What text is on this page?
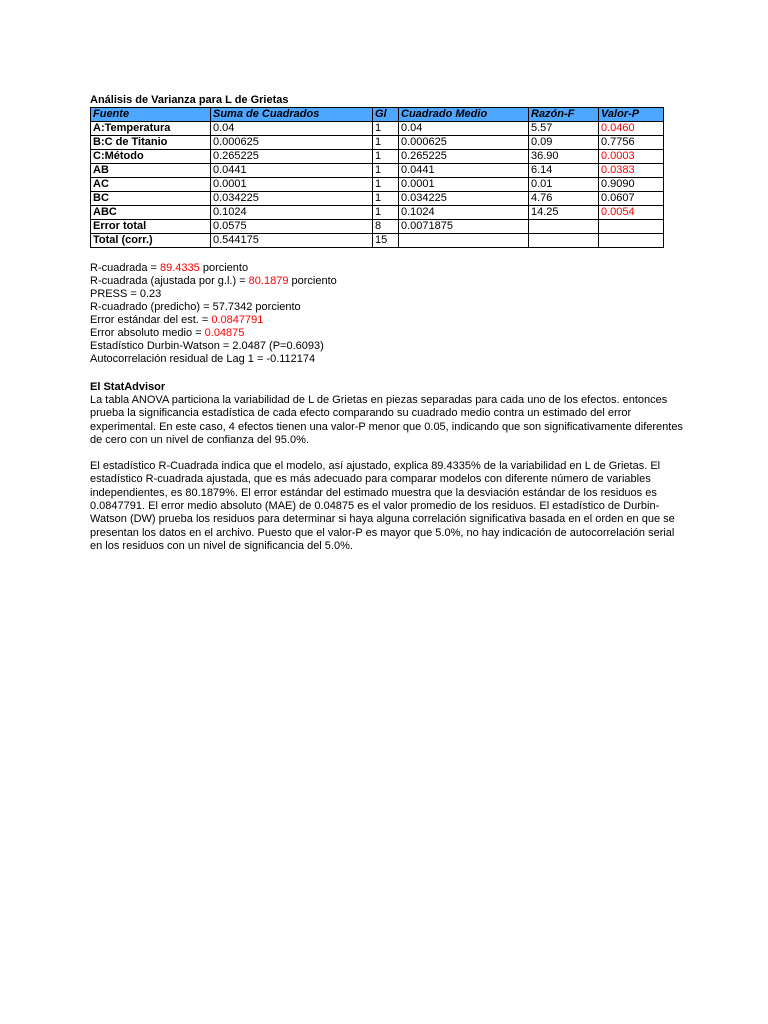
Análisis de Varianza para L de Grietas
Fuente	Suma de Cuadrados	Gl	Cuadrado Medio	Razón-F	Valor-P
A:Temperatura	0.04	1	0.04	5.57	0.0460
B:C de Titanio	0.000625	1	0.000625	0.09	0.7756
C:Método	0.265225	1	0.265225	36.90	0.0003
AB	0.0441	1	0.0441	6.14	0.0383
AC	0.0001	1	0.0001	0.01	0.9090
BC	0.034225	1	0.034225	4.76	0.0607
ABC	0.1024	1	0.1024	14.25	0.0054
Error total	0.0575	8	0.0071875		
Total (corr.)	0.544175	15			
R-cuadrada = 89.4335 porciento
R-cuadrada (ajustada por g.l.) = 80.1879 porciento
PRESS = 0.23
R-cuadrado (predicho) = 57.7342 porciento
Error estándar del est. = 0.0847791
Error absoluto medio = 0.04875
Estadístico Durbin-Watson = 2.0487 (P=0.6093)
Autocorrelación residual de Lag 1 = -0.112174
El StatAdvisor

La tabla ANOVA particiona la variabilidad de L de Grietas en piezas separadas para cada uno de los efectos. entonces prueba la significancia estadística de cada efecto comparando su cuadrado medio contra un estimado del error experimental. En este caso, 4 efectos tienen una valor-P menor que 0.05, indicando que son significativamente diferentes de cero con un nivel de confianza del 95.0%.

El estadístico R-Cuadrada indica que el modelo, así ajustado, explica 89.4335% de la variabilidad en L de Grietas. El estadístico R-cuadrada ajustada, que es más adecuado para comparar modelos con diferente número de variables independientes, es 80.1879%. El error estándar del estimado muestra que la desviación estándar de los residuos es 0.0847791. El error medio absoluto (MAE) de 0.04875 es el valor promedio de los residuos. El estadístico de Durbin-Watson (DW) prueba los residuos para determinar si haya alguna correlación significativa basada en el orden en que se presentan los datos en el archivo. Puesto que el valor-P es mayor que 5.0%, no hay indicación de autocorrelación serial en los residuos con un nivel de significancia del 5.0%.
